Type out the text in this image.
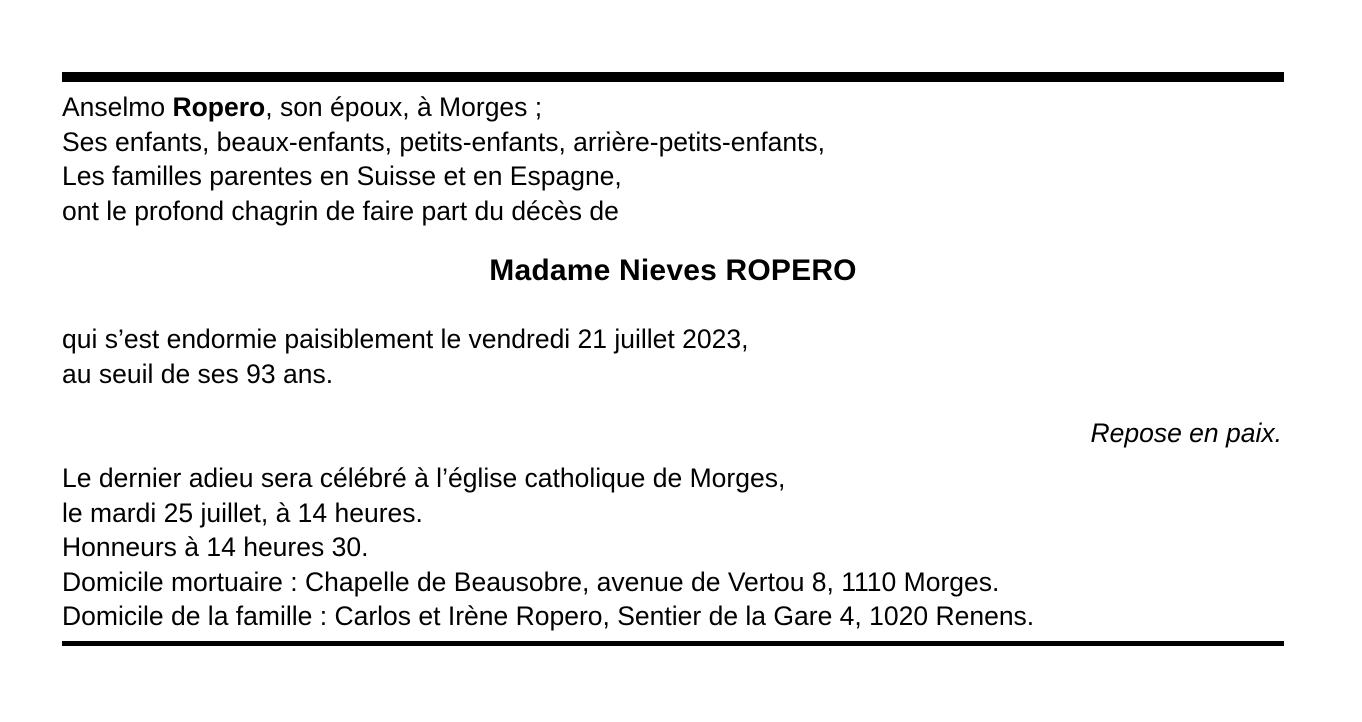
Anselmo Ropero, son époux, à Morges ;
Ses enfants, beaux-enfants, petits-enfants, arrière-petits-enfants,
Les familles parentes en Suisse et en Espagne,
ont le profond chagrin de faire part du décès de
Madame Nieves ROPERO
qui s’est endormie paisiblement le vendredi 21 juillet 2023,
au seuil de ses 93 ans.
Repose en paix.
Le dernier adieu sera célébré à l’église catholique de Morges,
le mardi 25 juillet, à 14 heures.
Honneurs à 14 heures 30.
Domicile mortuaire : Chapelle de Beausobre, avenue de Vertou 8, 1110 Morges.
Domicile de la famille : Carlos et Irène Ropero, Sentier de la Gare 4, 1020 Renens.
